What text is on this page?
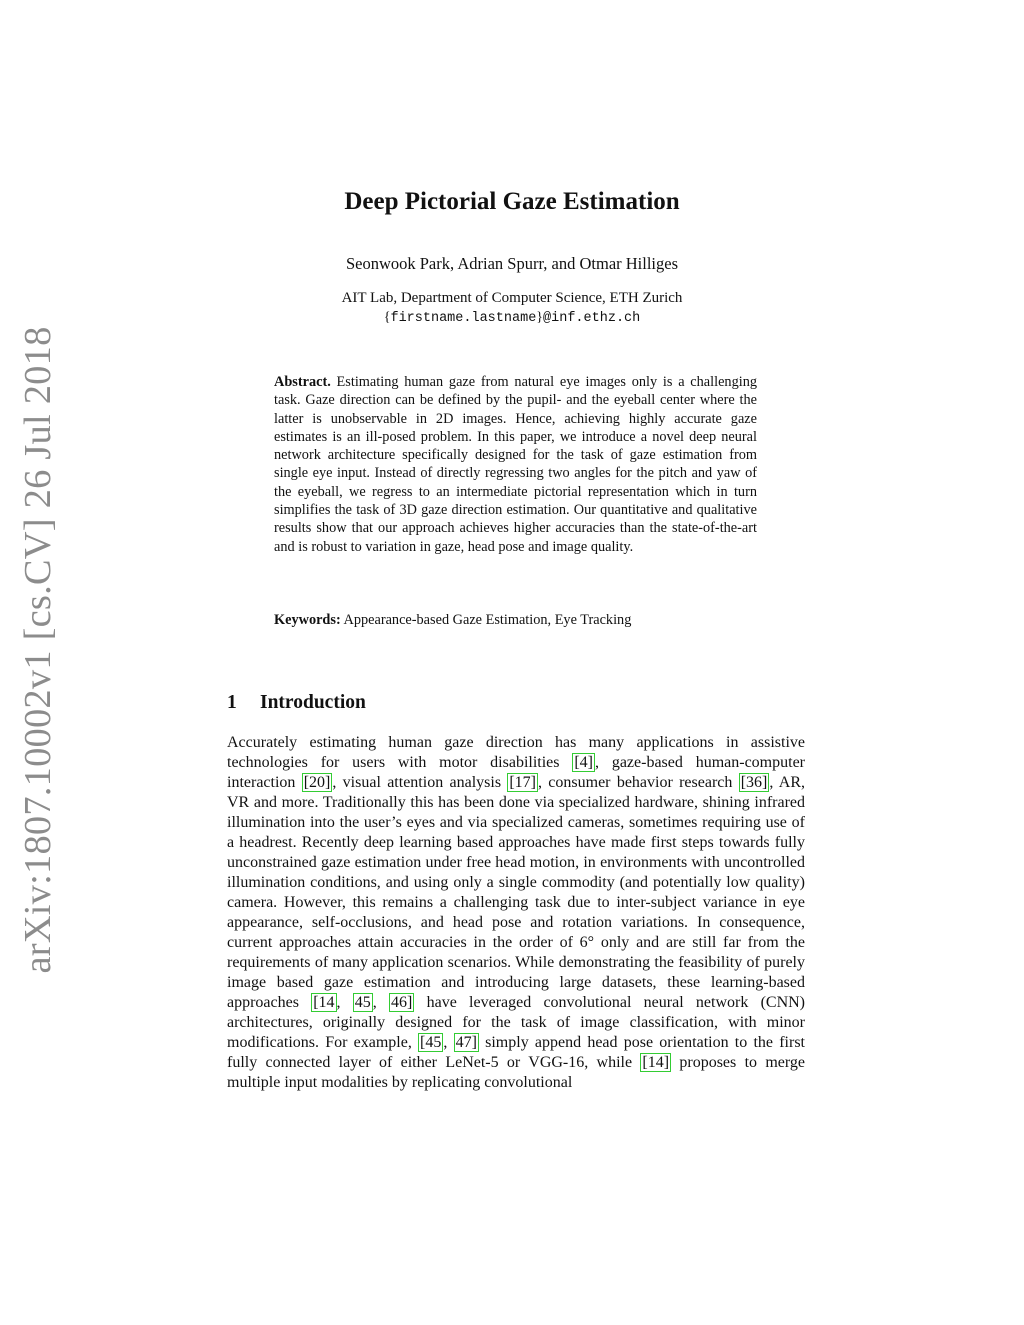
arXiv:1807.10002v1 [cs.CV] 26 Jul 2018
Deep Pictorial Gaze Estimation
Seonwook Park, Adrian Spurr, and Otmar Hilliges
AIT Lab, Department of Computer Science, ETH Zurich
{firstname.lastname}@inf.ethz.ch

Abstract. Estimating human gaze from natural eye images only is a challenging task. Gaze direction can be defined by the pupil- and the eyeball center where the latter is unobservable in 2D images. Hence, achieving highly accurate gaze estimates is an ill-posed problem. In this paper, we introduce a novel deep neural network architecture specifically designed for the task of gaze estimation from single eye input. Instead of directly regressing two angles for the pitch and yaw of the eyeball, we regress to an intermediate pictorial representation which in turn simplifies the task of 3D gaze direction estimation. Our quantitative and qualitative results show that our approach achieves higher accuracies than the state-of-the-art and is robust to variation in gaze, head pose and image quality.

Keywords: Appearance-based Gaze Estimation, Eye Tracking

1 Introduction

Accurately estimating human gaze direction has many applications in assistive technologies for users with motor disabilities [4] , gaze-based human-computer interaction [20] , visual attention analysis [17] , consumer behavior research [36] , AR, VR and more. Traditionally this has been done via specialized hardware, shining infrared illumination into the user’s eyes and via specialized cameras, sometimes requiring use of a headrest. Recently deep learning based approaches have made first steps towards fully unconstrained gaze estimation under free head motion, in environments with uncontrolled illumination conditions, and using only a single commodity (and potentially low quality) camera. However, this remains a challenging task due to inter-subject variance in eye appearance, self-occlusions, and head pose and rotation variations. In consequence, current approaches attain accuracies in the order of 6° only and are still far from the requirements of many application scenarios. While demonstrating the feasibility of purely image based gaze estimation and introducing large datasets, these learning-based approaches [14 , 45 , 46] have leveraged convolutional neural network (CNN) architectures, originally designed for the task of image classification, with minor modifications. For example, [45 , 47] simply append head pose orientation to the first fully connected layer of either LeNet-5 or VGG-16, while [14] proposes to merge multiple input modalities by replicating convolutional
